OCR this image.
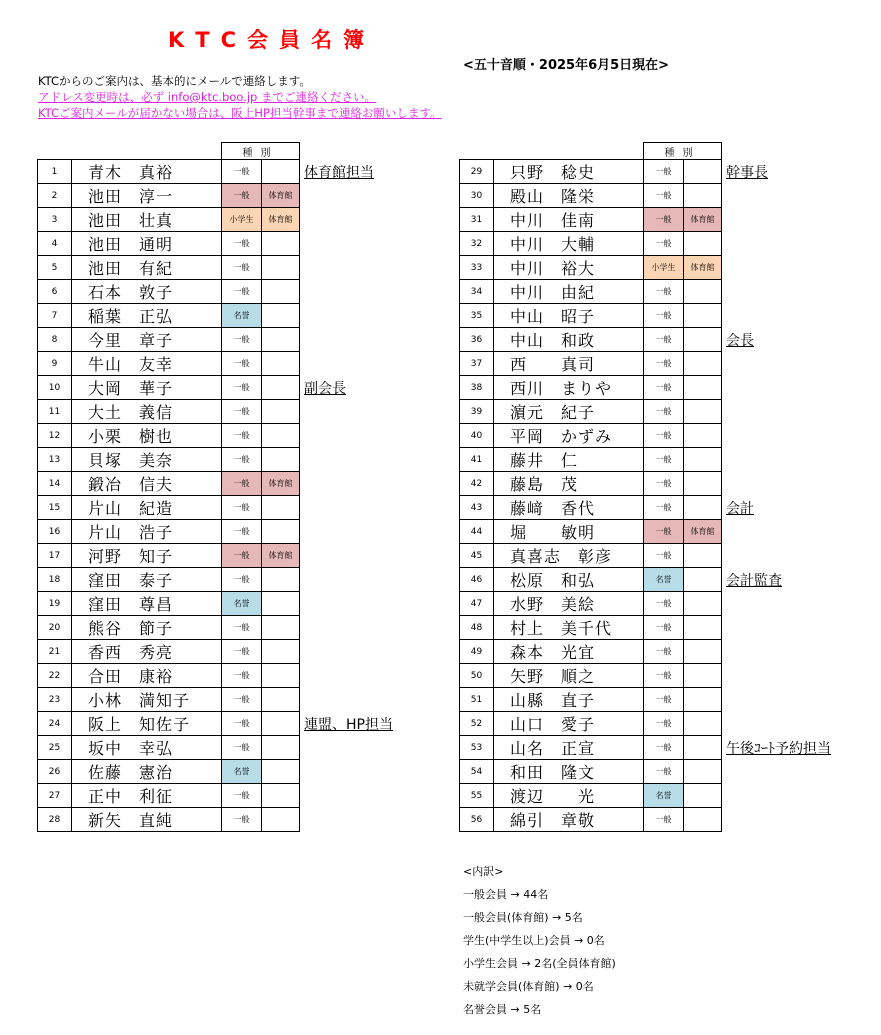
KTC会員名簿
<五十音順・2025年6月5日現在>
KTCからのご案内は、基本的にメールで連絡します。
アドレス変更時は、必ず info@ktc.boo.jp までご連絡ください。
KTCご案内メールが届かない場合は、阪上HP担当幹事まで連絡お願いします。
		種別		
1	青木　真裕	一般		体育館担当
2	池田　淳一	一般	体育館	
3	池田　壮真	小学生	体育館	
4	池田　通明	一般		
5	池田　有紀	一般		
6	石本　敦子	一般		
7	稲葉　正弘	名誉		
8	今里　章子	一般		
9	牛山　友幸	一般		
10	大岡　華子	一般		副会長
11	大土　義信	一般		
12	小栗　樹也	一般		
13	貝塚　美奈	一般		
14	鍛冶　信夫	一般	体育館	
15	片山　紀造	一般		
16	片山　浩子	一般		
17	河野　知子	一般	体育館	
18	窪田　泰子	一般		
19	窪田　尊昌	名誉		
20	熊谷　節子	一般		
21	香西　秀亮	一般		
22	合田　康裕	一般		
23	小林　満知子	一般		
24	阪上　知佐子	一般		連盟、HP担当
25	坂中　幸弘	一般		
26	佐藤　憲治	名誉		
27	正中　利征	一般		
28	新矢　直純	一般		
		種別		
29	只野　稔史	一般		幹事長
30	殿山　隆栄	一般		
31	中川　佳南	一般	体育館	
32	中川　大輔	一般		
33	中川　裕大	小学生	体育館	
34	中川　由紀	一般		
35	中山　昭子	一般		
36	中山　和政	一般		会長
37	西　　真司	一般		
38	西川　まりや	一般		
39	濵元　紀子	一般		
40	平岡　かずみ	一般		
41	藤井　仁	一般		
42	藤島　茂	一般		
43	藤﨑　香代	一般		会計
44	堀　　敏明	一般	体育館	
45	真喜志　彰彦	一般		
46	松原　和弘	名誉		会計監査
47	水野　美絵	一般		
48	村上　美千代	一般		
49	森本　光宜	一般		
50	矢野　順之	一般		
51	山縣　直子	一般		
52	山口　愛子	一般		
53	山名　正宣	一般		午後ｺｰﾄ予約担当
54	和田　隆文	一般		
55	渡辺　　光	名誉		
56	綿引　章敬	一般		
<内訳>
一般会員 → 44名
一般会員(体育館) → 5名
学生(中学生以上)会員 → 0名
小学生会員 → 2名(全員体育館)
未就学会員(体育館) → 0名
名誉会員 → 5名
